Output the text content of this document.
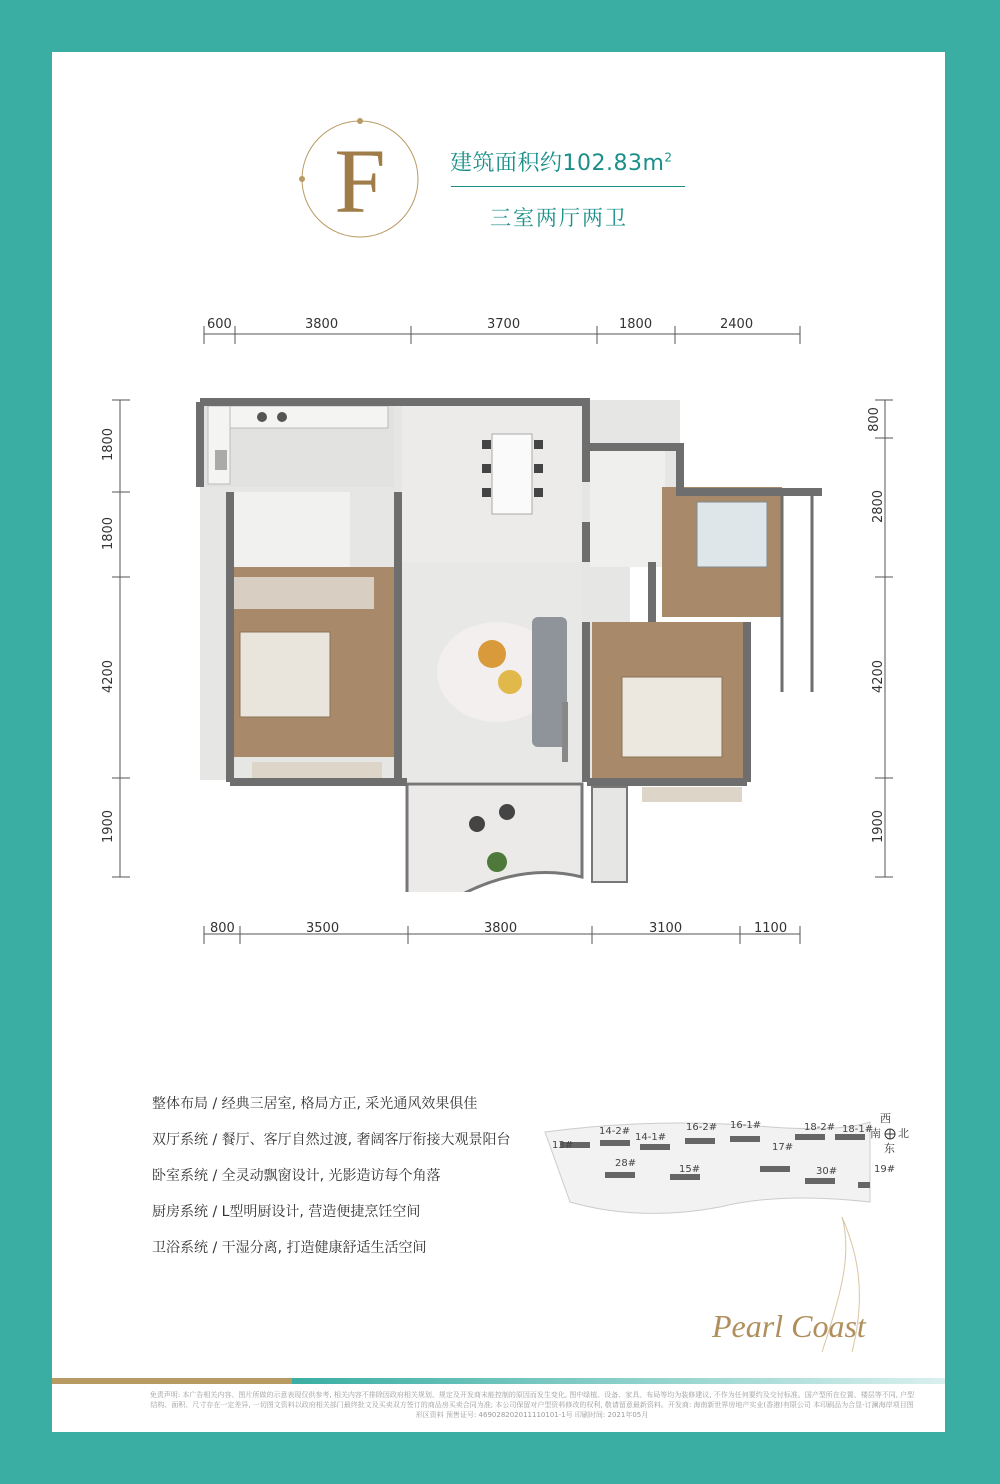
F	建筑面积约$102.83m^2$
三室两厅两卫
600	3800	3700	1800	2400
800	3500	3800	3100	1100
1800
1800
4200
1900
800
2800
4200
1900
整体布局 / 经典三居室, 格局方正, 采光通风效果俱佳
双厅系统 / 餐厅、客厅自然过渡, 奢阔客厅衔接大观景阳台
卧室系统 / 全灵动飘窗设计, 光影造访每个角落
厨房系统 / L型明厨设计, 营造便捷烹饪空间
卫浴系统 / 干湿分离, 打造健康舒适生活空间
13#
14-2#
14-1#
16-2# 16-1#	18-2# 18-1#
28#
15#
17#
30#	19#
西
南 北
东
Pearl Coast
免责声明: 本广告相关内容、图片所做的示意表现仅供参考, 相关内容不排除因政府相关规划、规定及开发商未能控制的原因而发生变化, 图中绿植、设备、家具、布局等均为装修建议, 不作为任何要约及交付标准。国产型所在位置、楼层等不同, 户型结构、面积、尺寸存在一定差异, 一切图文资料以政府相关部门最终批文及买卖双方签订的商品房买卖合同为准; 本公司保留对户型资料修改的权利, 敬请留意最新资料。开发商: 海南新世界房地产实业(香港)有限公司 本印刷品为合显-订澜海岸项目图形区资料 预售证号: 469028202011110101-1号 印刷时间: 2021年05月
